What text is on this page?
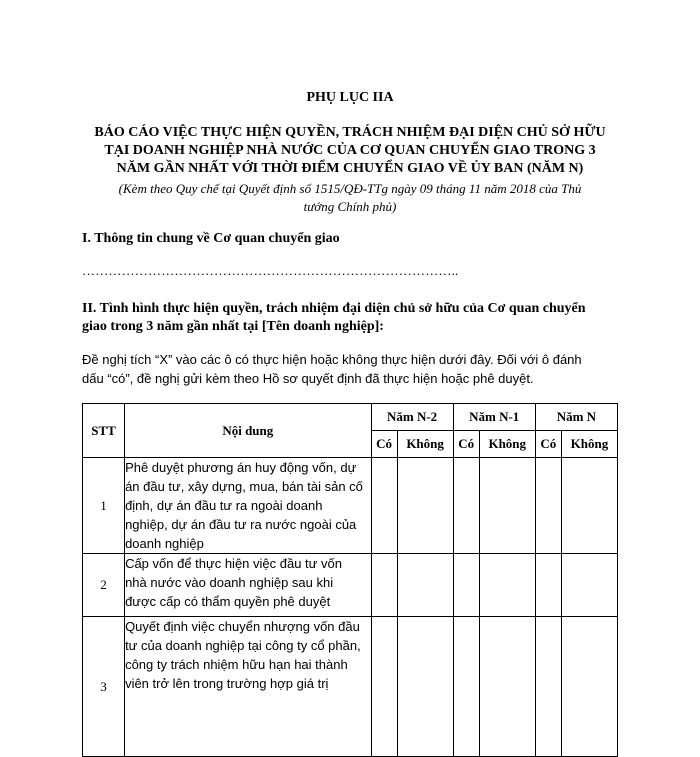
PHỤ LỤC IIA
BÁO CÁO VIỆC THỰC HIỆN QUYỀN, TRÁCH NHIỆM ĐẠI DIỆN CHỦ SỞ HỮU
TẠI DOANH NGHIỆP NHÀ NƯỚC CỦA CƠ QUAN CHUYỂN GIAO TRONG 3
NĂM GẦN NHẤT VỚI THỜI ĐIỂM CHUYỂN GIAO VỀ ỦY BAN (NĂM N)
(Kèm theo Quy chế tại Quyết định số 1515/QĐ-TTg ngày 09 tháng 11 năm 2018 của Thủ
tướng Chính phủ)
I. Thông tin chung về Cơ quan chuyển giao
…………………………………………………………………………..
II. Tình hình thực hiện quyền, trách nhiệm đại diện chủ sở hữu của Cơ quan chuyển
giao trong 3 năm gần nhất tại [Tên doanh nghiệp]:
Đề nghị tích “X” vào các ô có thực hiện hoặc không thực hiện dưới đây. Đối với ô đánh
dấu “có”, đề nghị gửi kèm theo Hồ sơ quyết định đã thực hiện hoặc phê duyệt.
STT	Nội dung	Năm N-2		Năm N-1		Năm N	
		Có	Không	Có	Không	Có	Không
1	Phê duyệt phương án huy động vốn, dự
án đầu tư, xây dựng, mua, bán tài sản cố
định, dự án đầu tư ra ngoài doanh
nghiệp, dự án đầu tư ra nước ngoài của
doanh nghiệp						

2	Cấp vốn để thực hiện việc đầu tư vốn
nhà nước vào doanh nghiệp sau khi
được cấp có thẩm quyền phê duyệt						

3	Quyết định việc chuyển nhượng vốn đầu
tư của doanh nghiệp tại công ty cổ phần,
công ty trách nhiệm hữu hạn hai thành
viên trở lên trong trường hợp giá trị						
